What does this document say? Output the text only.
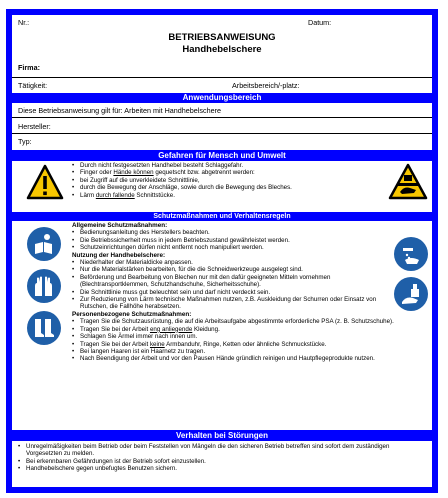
Nr.:	Datum:
BETRIEBSANWEISUNG
Handhebelschere
Firma:
Tätigkeit:	Arbeitsbereich/-platz:
Anwendungsbereich
Diese Betriebsanweisung gilt für: Arbeiten mit Handhebelschere
Hersteller:
Typ:
Gefahren für Mensch und Umwelt
• Durch nicht festgesetzten Handhebel besteht Schlaggefahr.
• Finger oder Hände können gequetscht bzw. abgetrennt werden:
• bei Zugriff auf die unverkleidete Schnittlinie,
• durch die Bewegung der Anschläge, sowie durch die Bewegung des Bleches.
• Lärm durch fallende Schnittstücke.
Schutzmaßnahmen und Verhaltensregeln
Allgemeine Schutzmaßnahmen:
• Bedienungsanleitung des Herstellers beachten.
• Die Betriebssicherheit muss in jedem Betriebszustand gewährleistet werden.
• Schutzeinrichtungen dürfen nicht entfernt noch manipuliert werden.
Nutzung der Handhebelschere:
• Niederhalter der Materialdicke anpassen.
• Nur die Materialstärken bearbeiten, für die die Schneidwerkzeuge ausgelegt sind.
• Beförderung und Bearbeitung von Blechen nur mit den dafür geeigneten Mitteln vornehmen (Blechtransportklemmen, Schutzhandschuhe, Sicherheitsschuhe).
• Die Schnittlinie muss gut beleuchtet sein und darf nicht verdeckt sein.
• Zur Reduzierung von Lärm technische Maßnahmen nutzen, z.B. Auskleidung der Schurren oder Einsatz von Rutschen, die Fallhöhe herabsetzen.
Personenbezogene Schutzmaßnahmen:
• Tragen Sie die Schutzausrüstung, die auf die Arbeitsaufgabe abgestimmte erforderliche PSA (z. B. Schutzschuhe).
• Tragen Sie bei der Arbeit eng anliegende Kleidung.
• Schlagen Sie Ärmel immer nach innen um.
• Tragen Sie bei der Arbeit keine Armbanduhr, Ringe, Ketten oder ähnliche Schmuckstücke.
• Bei langen Haaren ist ein Haarnetz zu tragen.
• Nach Beendigung der Arbeit und vor den Pausen Hände gründlich reinigen und Hautpflegeprodukte nutzen.
Verhalten bei Störungen
• Unregelmäßigkeiten beim Betrieb oder beim Feststellen von Mängeln die den sicheren Betrieb betreffen sind sofort dem zuständigen Vorgesetzten zu melden.
• Bei erkennbaren Gefährdungen ist der Betrieb sofort einzustellen.
• Handhebelschere gegen unbefugtes Benutzen sichern.
